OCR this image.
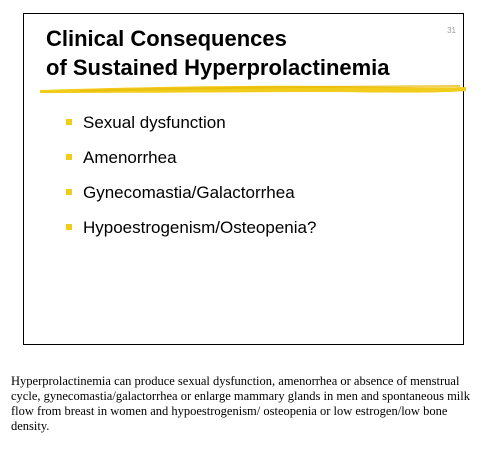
31
Clinical Consequences
of Sustained Hyperprolactinemia
Sexual dysfunction
Amenorrhea
Gynecomastia/Galactorrhea
Hypoestrogenism/Osteopenia?

Hyperprolactinemia can produce sexual dysfunction, amenorrhea or absence of menstrual cycle, gynecomastia/galactorrhea or enlarge mammary glands in men and spontaneous milk flow from breast in women and hypoestrogenism/ osteopenia or low estrogen/low bone density.
